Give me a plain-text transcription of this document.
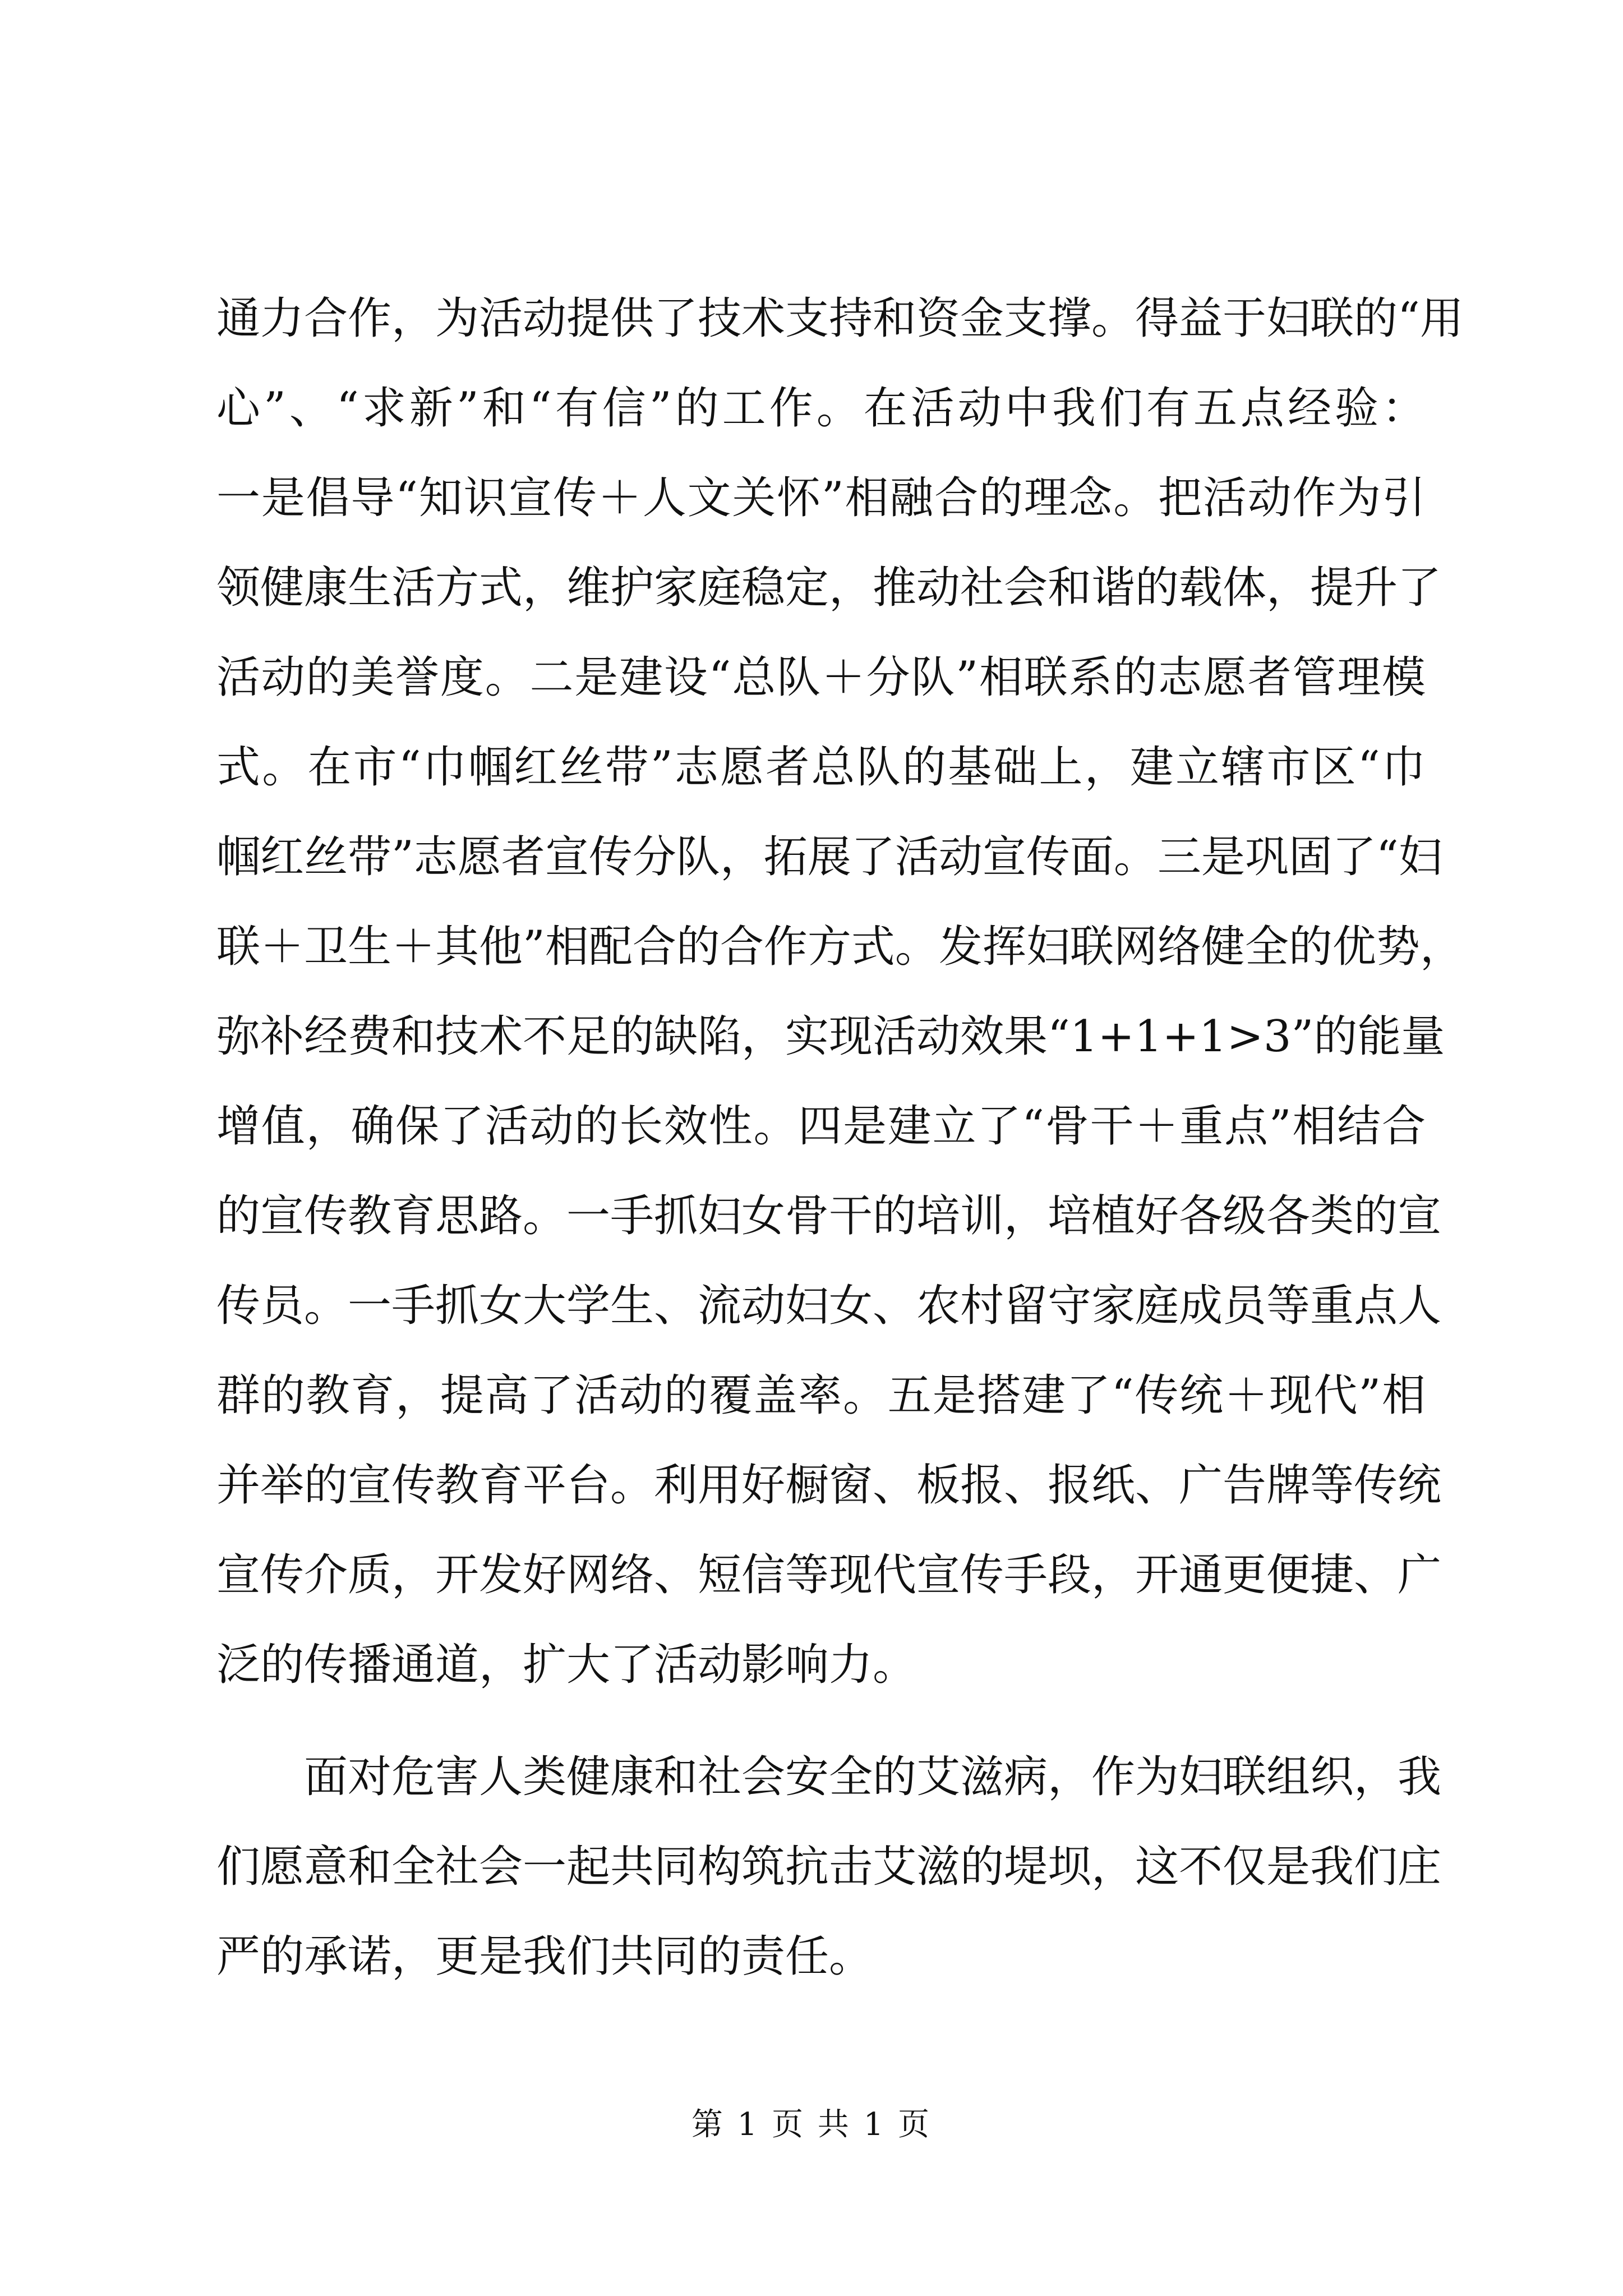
通力合作，为活动提供了技术支持和资金支撑。得益于妇联的“用
心”、“求新”和“有信”的工作。在活动中我们有五点经验：
一是倡导“知识宣传＋人文关怀”相融合的理念。把活动作为引
领健康生活方式，维护家庭稳定，推动社会和谐的载体，提升了
活动的美誉度。二是建设“总队＋分队”相联系的志愿者管理模
式。在市“巾帼红丝带”志愿者总队的基础上，建立辖市区“巾
帼红丝带”志愿者宣传分队，拓展了活动宣传面。三是巩固了“妇
联＋卫生＋其他”相配合的合作方式。发挥妇联网络健全的优势，
弥补经费和技术不足的缺陷，实现活动效果“1+1+1>3”的能量
增值，确保了活动的长效性。四是建立了“骨干＋重点”相结合
的宣传教育思路。一手抓妇女骨干的培训，培植好各级各类的宣
传员。一手抓女大学生、流动妇女、农村留守家庭成员等重点人
群的教育，提高了活动的覆盖率。五是搭建了“传统＋现代”相
并举的宣传教育平台。利用好橱窗、板报、报纸、广告牌等传统
宣传介质，开发好网络、短信等现代宣传手段，开通更便捷、广
泛的传播通道，扩大了活动影响力。
　　面对危害人类健康和社会安全的艾滋病，作为妇联组织，我
们愿意和全社会一起共同构筑抗击艾滋的堤坝，这不仅是我们庄
严的承诺，更是我们共同的责任。
第 1 页 共 1 页
